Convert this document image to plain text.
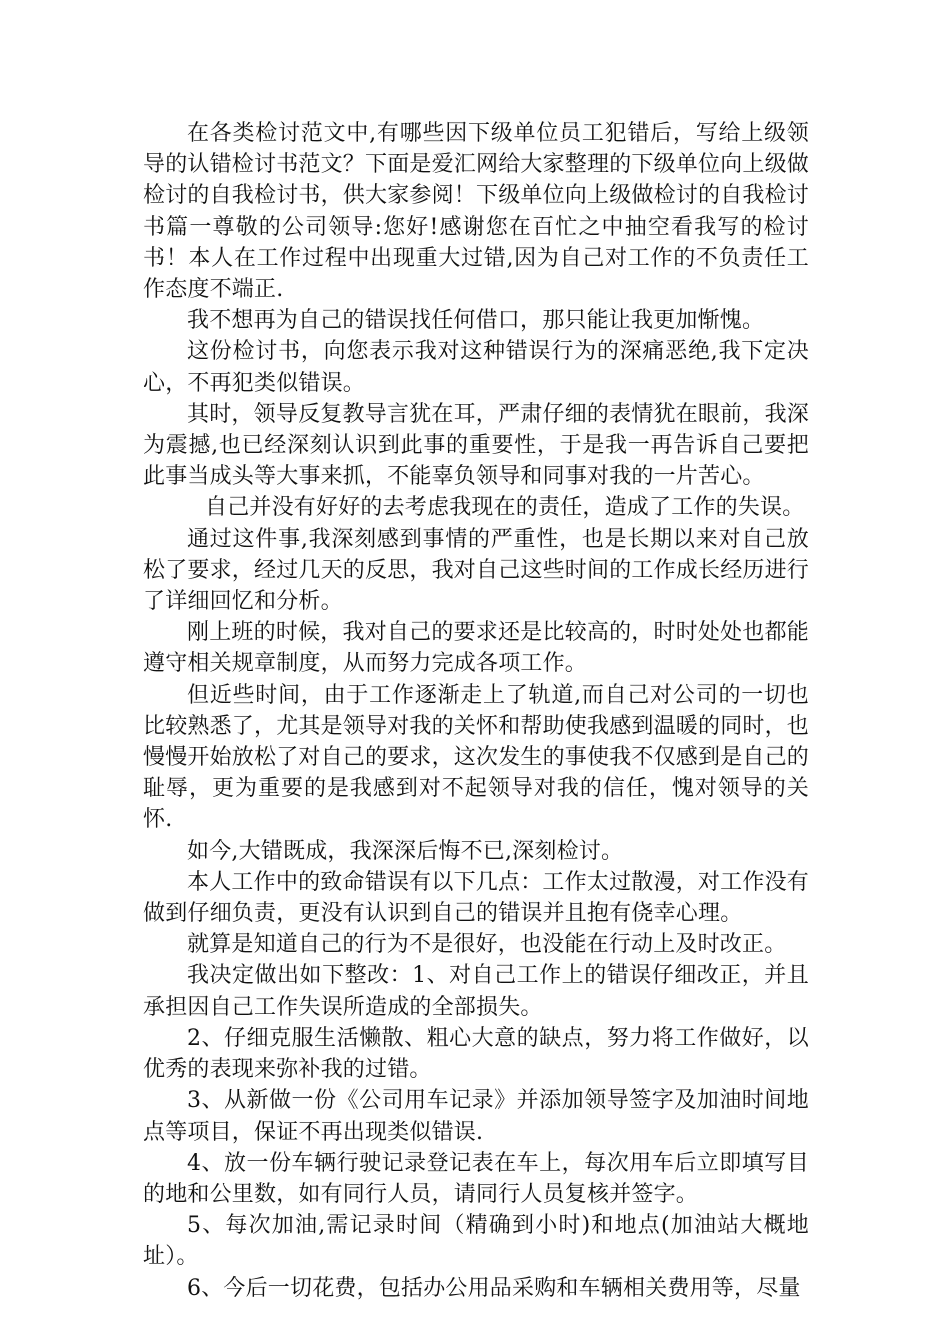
在各类检讨范文中,有哪些因下级单位员工犯错后，写给上级领导的认错检讨书范文？下面是爱汇网给大家整理的下级单位向上级做检讨的自我检讨书，供大家参阅！下级单位向上级做检讨的自我检讨书篇一尊敬的公司领导:您好!感谢您在百忙之中抽空看我写的检讨书！本人在工作过程中出现重大过错,因为自己对工作的不负责任工作态度不端正.

我不想再为自己的错误找任何借口，那只能让我更加惭愧。

这份检讨书，向您表示我对这种错误行为的深痛恶绝,我下定决心，不再犯类似错误。

其时，领导反复教导言犹在耳，严肃仔细的表情犹在眼前，我深为震撼,也已经深刻认识到此事的重要性，于是我一再告诉自己要把此事当成头等大事来抓，不能辜负领导和同事对我的一片苦心。

自己并没有好好的去考虑我现在的责任，造成了工作的失误。

通过这件事,我深刻感到事情的严重性，也是长期以来对自己放松了要求，经过几天的反思，我对自己这些时间的工作成长经历进行了详细回忆和分析。

刚上班的时候，我对自己的要求还是比较高的，时时处处也都能遵守相关规章制度，从而努力完成各项工作。

但近些时间，由于工作逐渐走上了轨道,而自己对公司的一切也比较熟悉了，尤其是领导对我的关怀和帮助使我感到温暖的同时，也慢慢开始放松了对自己的要求，这次发生的事使我不仅感到是自己的耻辱，更为重要的是我感到对不起领导对我的信任，愧对领导的关怀.

如今,大错既成，我深深后悔不已,深刻检讨。

本人工作中的致命错误有以下几点：工作太过散漫，对工作没有做到仔细负责，更没有认识到自己的错误并且抱有侥幸心理。

就算是知道自己的行为不是很好，也没能在行动上及时改正。

我决定做出如下整改：1、对自己工作上的错误仔细改正，并且承担因自己工作失误所造成的全部损失。

2、仔细克服生活懒散、粗心大意的缺点，努力将工作做好，以优秀的表现来弥补我的过错。

3、从新做一份《公司用车记录》并添加领导签字及加油时间地点等项目，保证不再出现类似错误.

4、放一份车辆行驶记录登记表在车上，每次用车后立即填写目的地和公里数，如有同行人员，请同行人员复核并签字。

5、每次加油,需记录时间（精确到小时)和地点(加油站大概地址）。

6、今后一切花费，包括办公用品采购和车辆相关费用等，尽量
